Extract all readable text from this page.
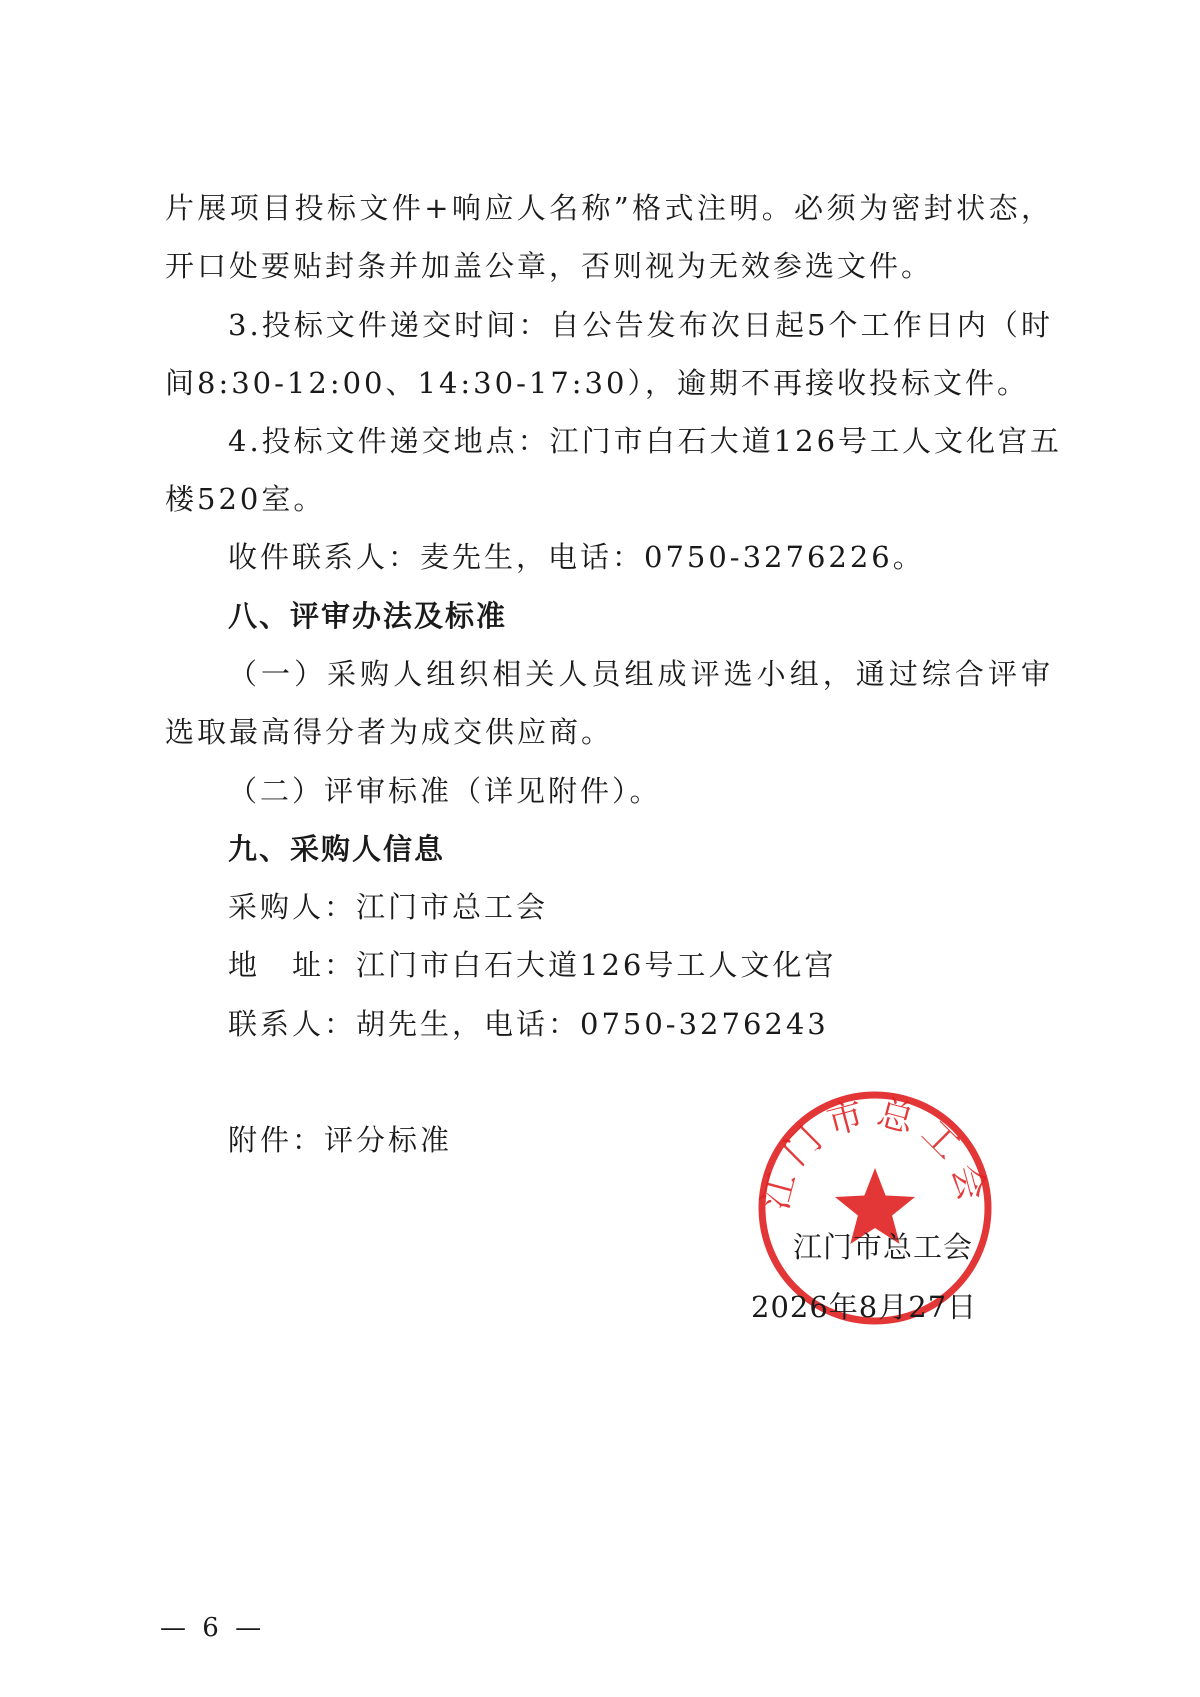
片展项目投标文件+响应人名称”格式注明。必须为密封状态，
开口处要贴封条并加盖公章，否则视为无效参选文件。
3.投标文件递交时间：自公告发布次日起5个工作日内（时
间8:30-12:00、14:30-17:30），逾期不再接收投标文件。
4.投标文件递交地点：江门市白石大道126号工人文化宫五
楼520室。
收件联系人：麦先生，电话：0750-3276226。
八、评审办法及标准
（一）采购人组织相关人员组成评选小组，通过综合评审
选取最高得分者为成交供应商。
（二）评审标准（详见附件）。
九、采购人信息
采购人：江门市总工会
地　址：江门市白石大道126号工人文化宫
联系人：胡先生，电话：0750-3276243
附件：评分标准
江门市总工会
江门市总工会
2026年8月27日
— 6 —
